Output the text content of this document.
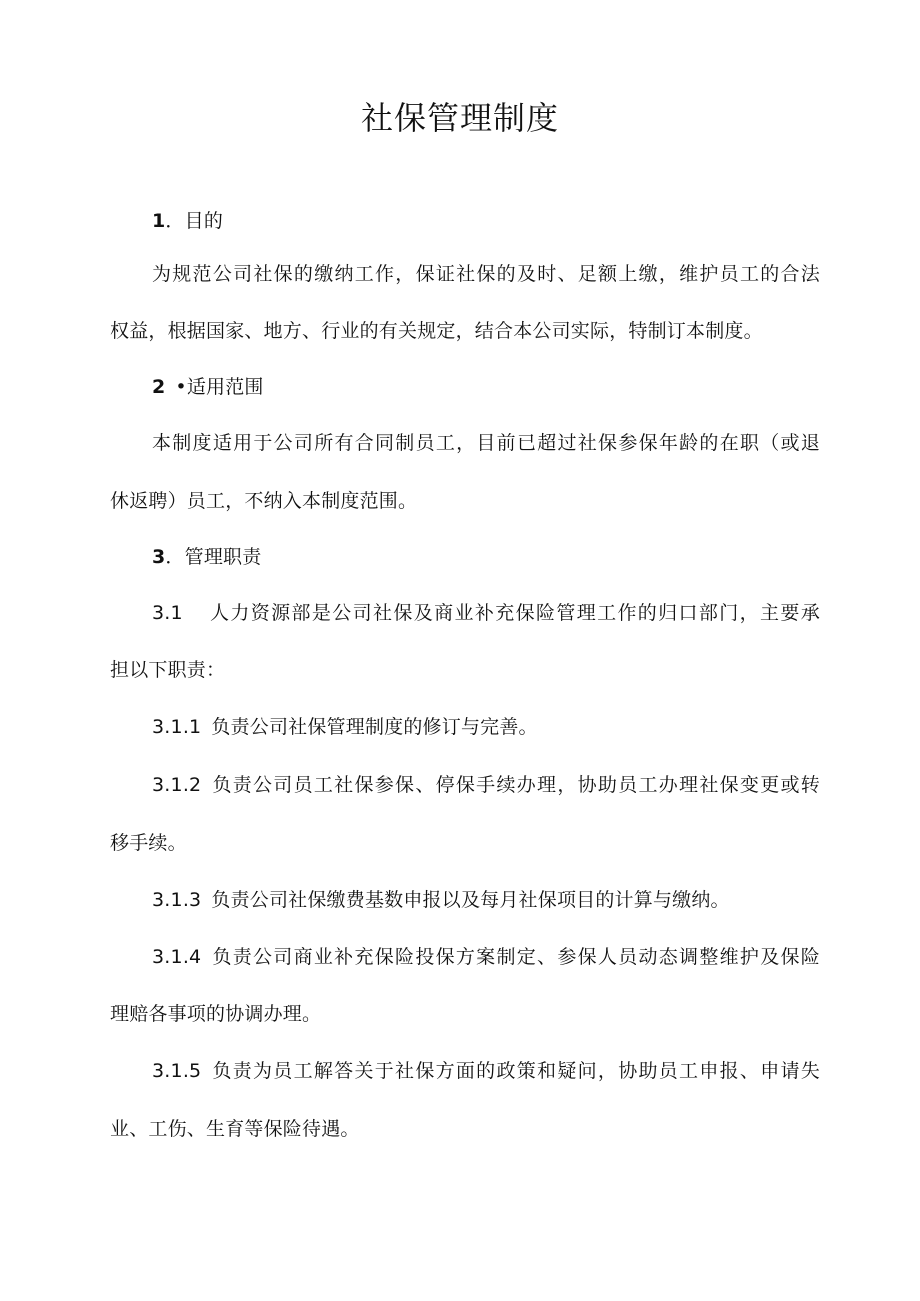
社保管理制度
1．目的
为规范公司社保的缴纳工作，保证社保的及时、足额上缴，维护员工的合法
权益，根据国家、地方、行业的有关规定，结合本公司实际，特制订本制度。
2 •适用范围
本制度适用于公司所有合同制员工，目前已超过社保参保年龄的在职（或退
休返聘）员工，不纳入本制度范围。
3．管理职责
3.1 人力资源部是公司社保及商业补充保险管理工作的归口部门，主要承
担以下职责：
3.1.1 负责公司社保管理制度的修订与完善。
3.1.2 负责公司员工社保参保、停保手续办理，协助员工办理社保变更或转
移手续。
3.1.3 负责公司社保缴费基数申报以及每月社保项目的计算与缴纳。
3.1.4 负责公司商业补充保险投保方案制定、参保人员动态调整维护及保险
理赔各事项的协调办理。
3.1.5 负责为员工解答关于社保方面的政策和疑问，协助员工申报、申请失
业、工伤、生育等保险待遇。
